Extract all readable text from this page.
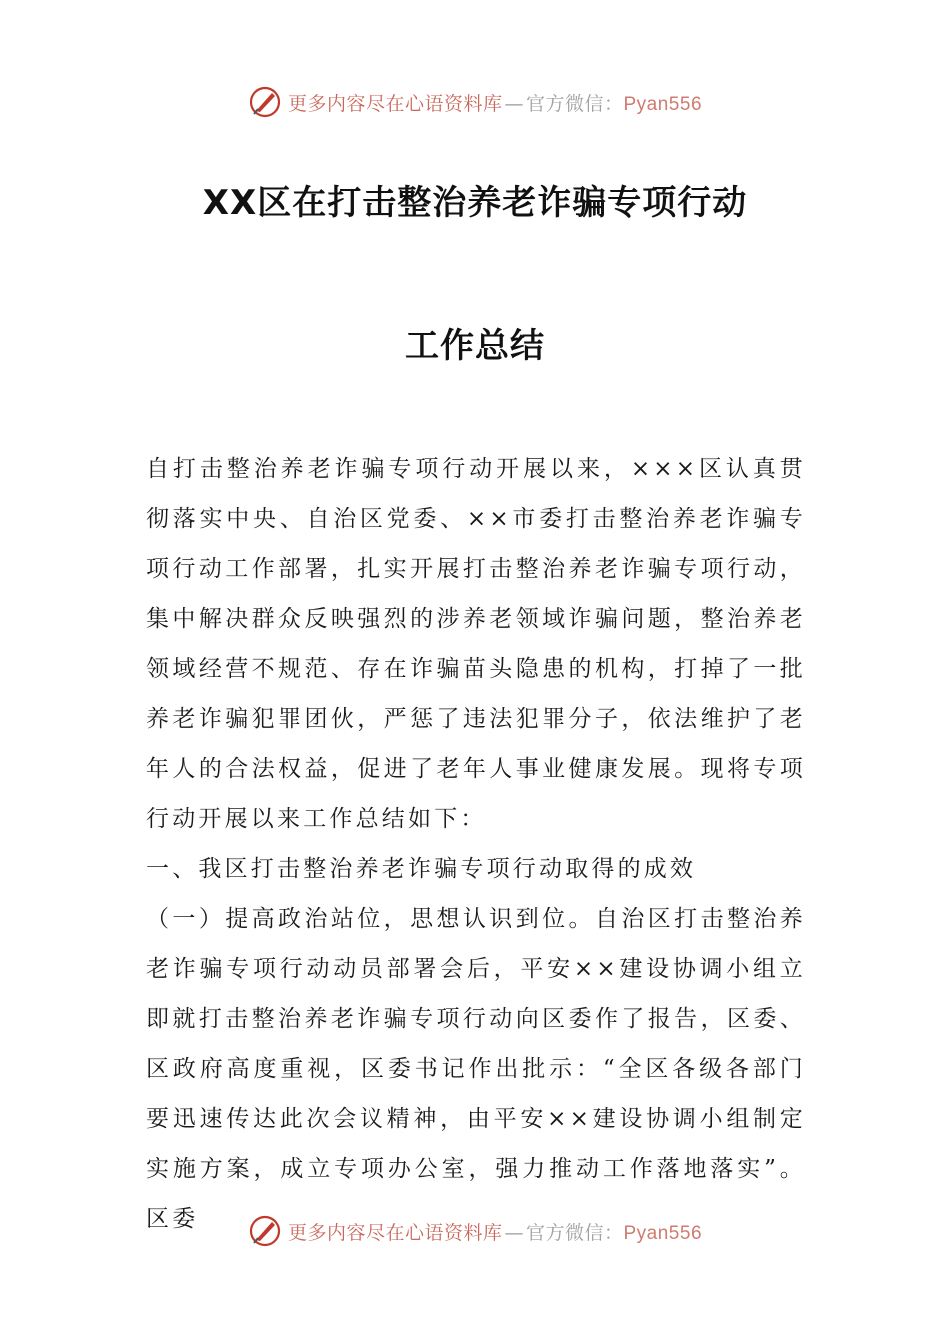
更多内容尽在心语资料库 — 官方微信：Pyan556
XX区在打击整治养老诈骗专项行动
工作总结

自打击整治养老诈骗专项行动开展以来，×××区认真贯彻落实中央、自治区党委、××市委打击整治养老诈骗专项行动工作部署，扎实开展打击整治养老诈骗专项行动，集中解决群众反映强烈的涉养老领域诈骗问题，整治养老领域经营不规范、存在诈骗苗头隐患的机构，打掉了一批养老诈骗犯罪团伙，严惩了违法犯罪分子，依法维护了老年人的合法权益，促进了老年人事业健康发展。现将专项行动开展以来工作总结如下：

一、我区打击整治养老诈骗专项行动取得的成效

（一）提高政治站位，思想认识到位。自治区打击整治养老诈骗专项行动动员部署会后，平安××建设协调小组立即就打击整治养老诈骗专项行动向区委作了报告，区委、区政府高度重视，区委书记作出批示：“全区各级各部门要迅速传达此次会议精神，由平安××建设协调小组制定实施方案，成立专项办公室，强力推动工作落地落实”。区委

更多内容尽在心语资料库 — 官方微信：Pyan556
